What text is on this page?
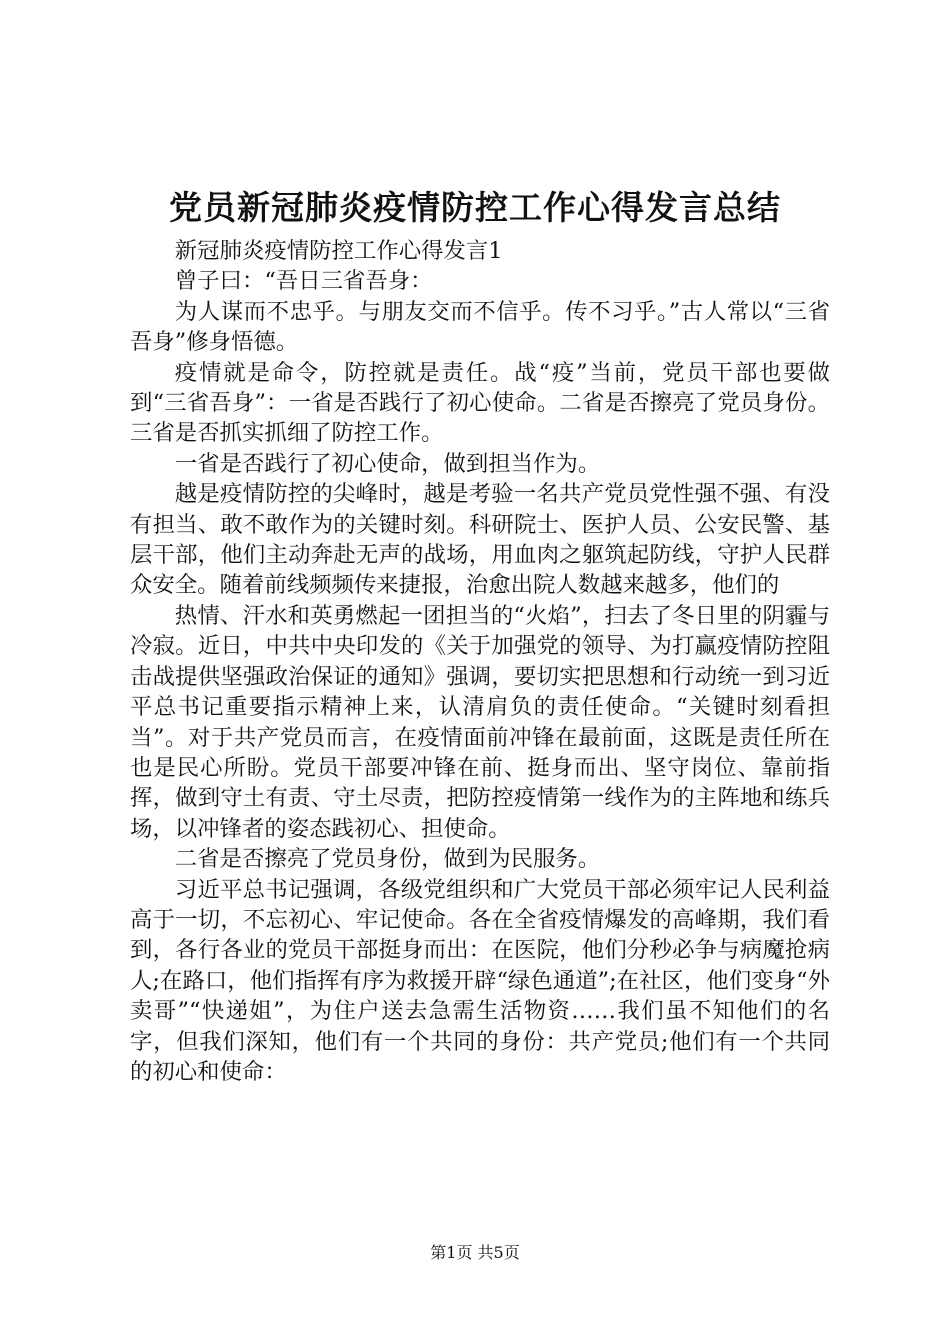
党员新冠肺炎疫情防控工作心得发言总结

新冠肺炎疫情防控工作心得发言1

曾子曰：“吾日三省吾身：

为人谋而不忠乎。与朋友交而不信乎。传不习乎。”古人常以“三省吾身”修身悟德。

疫情就是命令，防控就是责任。战“疫”当前，党员干部也要做到“三省吾身”：一省是否践行了初心使命。二省是否擦亮了党员身份。三省是否抓实抓细了防控工作。

一省是否践行了初心使命，做到担当作为。

越是疫情防控的尖峰时，越是考验一名共产党员党性强不强、有没有担当、敢不敢作为的关键时刻。科研院士、医护人员、公安民警、基层干部，他们主动奔赴无声的战场，用血肉之躯筑起防线，守护人民群众安全。随着前线频频传来捷报，治愈出院人数越来越多，他们的

热情、汗水和英勇燃起一团担当的“火焰”，扫去了冬日里的阴霾与冷寂。近日，中共中央印发的《关于加强党的领导、为打赢疫情防控阻击战提供坚强政治保证的通知》强调，要切实把思想和行动统一到习近平总书记重要指示精神上来，认清肩负的责任使命。“关键时刻看担当”。对于共产党员而言，在疫情面前冲锋在最前面，这既是责任所在也是民心所盼。党员干部要冲锋在前、挺身而出、坚守岗位、靠前指挥，做到守土有责、守土尽责，把防控疫情第一线作为的主阵地和练兵场，以冲锋者的姿态践初心、担使命。

二省是否擦亮了党员身份，做到为民服务。

习近平总书记强调，各级党组织和广大党员干部必须牢记人民利益高于一切，不忘初心、牢记使命。各在全省疫情爆发的高峰期，我们看到，各行各业的党员干部挺身而出：在医院，他们分秒必争与病魔抢病人;在路口，他们指挥有序为救援开辟“绿色通道”;在社区，他们变身“外卖哥”“快递姐”，为住户送去急需生活物资……我们虽不知他们的名字，但我们深知，他们有一个共同的身份：共产党员;他们有一个共同的初心和使命：

第1页 共5页
